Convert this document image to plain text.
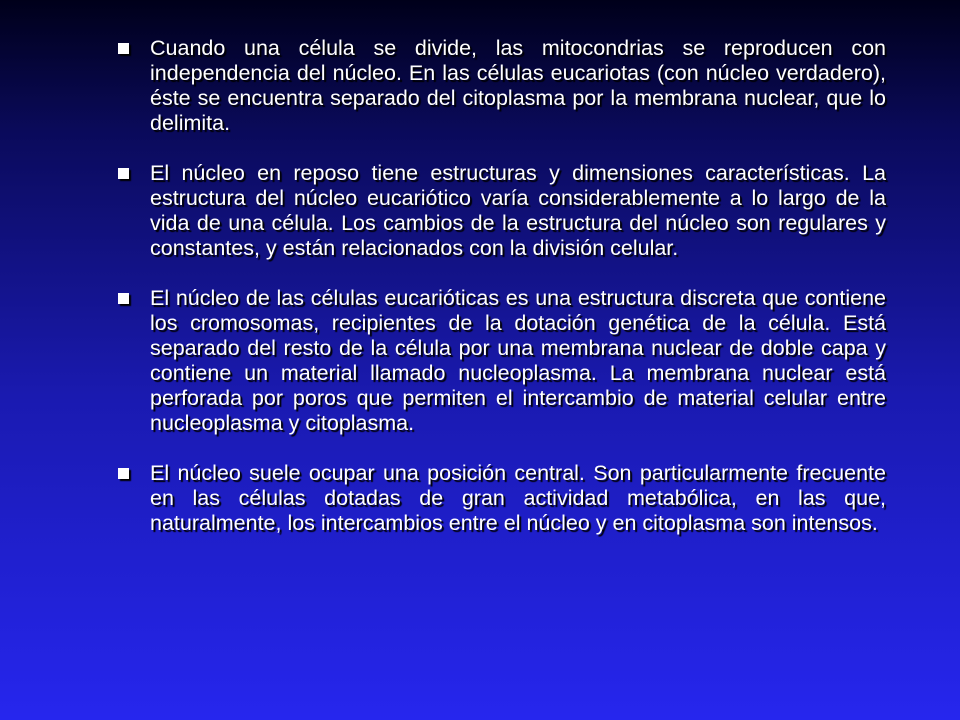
Cuando una célula se divide, las mitocondrias se reproducen con independencia del núcleo. En las células eucariotas (con núcleo verdadero), éste se encuentra separado del citoplasma por la membrana nuclear, que lo delimita.
El núcleo en reposo tiene estructuras y dimensiones características. La estructura del núcleo eucariótico varía considerablemente a lo largo de la vida de una célula. Los cambios de la estructura del núcleo son regulares y constantes, y están relacionados con la división celular.
El núcleo de las células eucarióticas es una estructura discreta que contiene los cromosomas, recipientes de la dotación genética de la célula. Está separado del resto de la célula por una membrana nuclear de doble capa y contiene un material llamado nucleoplasma. La membrana nuclear está perforada por poros que permiten el intercambio de material celular entre nucleoplasma y citoplasma.
El núcleo suele ocupar una posición central. Son particularmente frecuente en las células dotadas de gran actividad metabólica, en las que, naturalmente, los intercambios entre el núcleo y en citoplasma son intensos.
